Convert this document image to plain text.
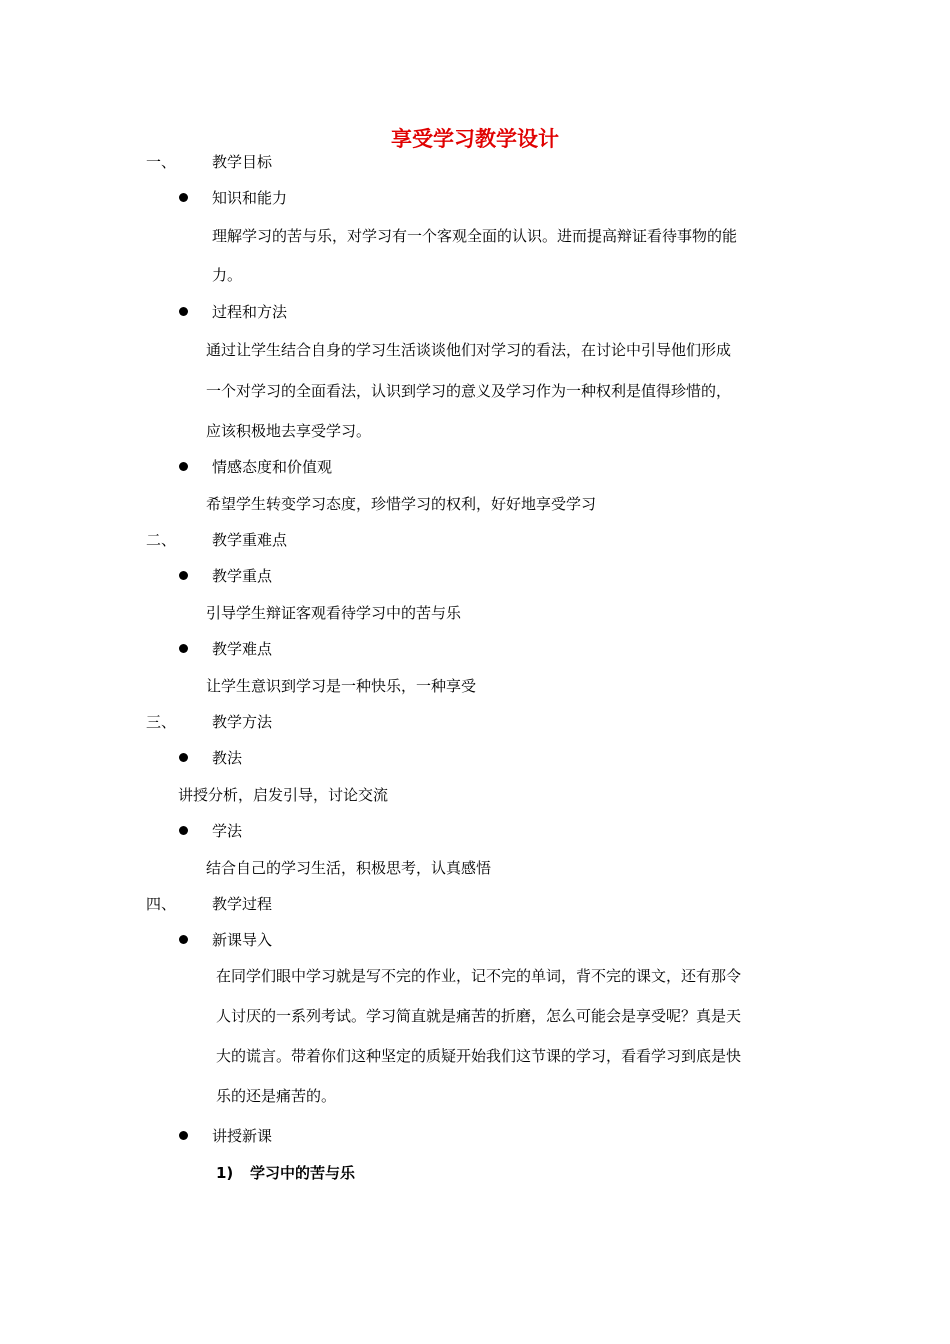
享受学习教学设计
一、 教学目标
知识和能力
理解学习的苦与乐，对学习有一个客观全面的认识。进而提高辩证看待事物的能
力。
过程和方法
通过让学生结合自身的学习生活谈谈他们对学习的看法，在讨论中引导他们形成
一个对学习的全面看法，认识到学习的意义及学习作为一种权利是值得珍惜的，
应该积极地去享受学习。
情感态度和价值观
希望学生转变学习态度，珍惜学习的权利，好好地享受学习
二、 教学重难点
教学重点
引导学生辩证客观看待学习中的苦与乐
教学难点
让学生意识到学习是一种快乐，一种享受
三、 教学方法
教法
讲授分析，启发引导，讨论交流
学法
结合自己的学习生活，积极思考，认真感悟
四、 教学过程
新课导入
在同学们眼中学习就是写不完的作业，记不完的单词，背不完的课文，还有那令
人讨厌的一系列考试。学习简直就是痛苦的折磨，怎么可能会是享受呢？真是天
大的谎言。带着你们这种坚定的质疑开始我们这节课的学习，看看学习到底是快
乐的还是痛苦的。
讲授新课
1) 学习中的苦与乐
